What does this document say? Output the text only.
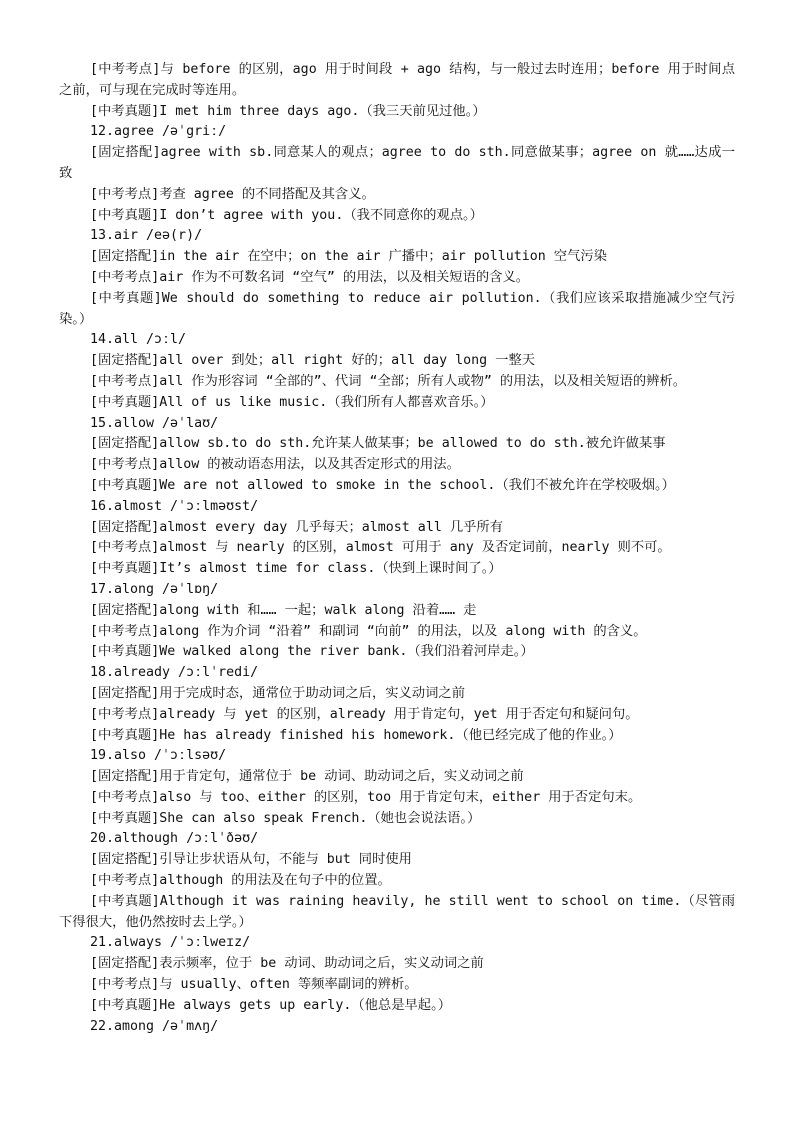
[中考考点]与 before 的区别，ago 用于时间段 + ago 结构，与一般过去时连用；before 用于时间点之前，可与现在完成时等连用。

[中考真题]I met him three days ago.（我三天前见过他。）

12.agree /əˈgriː/

[固定搭配]agree with sb.同意某人的观点；agree to do sth.同意做某事；agree on 就……达成一致

[中考考点]考查 agree 的不同搭配及其含义。

[中考真题]I don’t agree with you.（我不同意你的观点。）

13.air /eə(r)/

[固定搭配]in the air 在空中；on the air 广播中；air pollution 空气污染

[中考考点]air 作为不可数名词 “空气” 的用法，以及相关短语的含义。

[中考真题]We should do something to reduce air pollution.（我们应该采取措施减少空气污染。）

14.all /ɔːl/

[固定搭配]all over 到处；all right 好的；all day long 一整天

[中考考点]all 作为形容词 “全部的”、代词 “全部；所有人或物” 的用法，以及相关短语的辨析。

[中考真题]All of us like music.（我们所有人都喜欢音乐。）

15.allow /əˈlaʊ/

[固定搭配]allow sb.to do sth.允许某人做某事；be allowed to do sth.被允许做某事

[中考考点]allow 的被动语态用法，以及其否定形式的用法。

[中考真题]We are not allowed to smoke in the school.（我们不被允许在学校吸烟。）

16.almost /ˈɔːlməʊst/

[固定搭配]almost every day 几乎每天；almost all 几乎所有

[中考考点]almost 与 nearly 的区别，almost 可用于 any 及否定词前，nearly 则不可。

[中考真题]It’s almost time for class.（快到上课时间了。）

17.along /əˈlɒŋ/

[固定搭配]along with 和…… 一起；walk along 沿着…… 走

[中考考点]along 作为介词 “沿着” 和副词 “向前” 的用法，以及 along with 的含义。

[中考真题]We walked along the river bank.（我们沿着河岸走。）

18.already /ɔːlˈredi/

[固定搭配]用于完成时态，通常位于助动词之后，实义动词之前

[中考考点]already 与 yet 的区别，already 用于肯定句，yet 用于否定句和疑问句。

[中考真题]He has already finished his homework.（他已经完成了他的作业。）

19.also /ˈɔːlsəʊ/

[固定搭配]用于肯定句，通常位于 be 动词、助动词之后，实义动词之前

[中考考点]also 与 too、either 的区别，too 用于肯定句末，either 用于否定句末。

[中考真题]She can also speak French.（她也会说法语。）

20.although /ɔːlˈðəʊ/

[固定搭配]引导让步状语从句，不能与 but 同时使用

[中考考点]although 的用法及在句子中的位置。

[中考真题]Although it was raining heavily, he still went to school on time.（尽管雨下得很大，他仍然按时去上学。）

21.always /ˈɔːlweɪz/

[固定搭配]表示频率，位于 be 动词、助动词之后，实义动词之前

[中考考点]与 usually、often 等频率副词的辨析。

[中考真题]He always gets up early.（他总是早起。）

22.among /əˈmʌŋ/
